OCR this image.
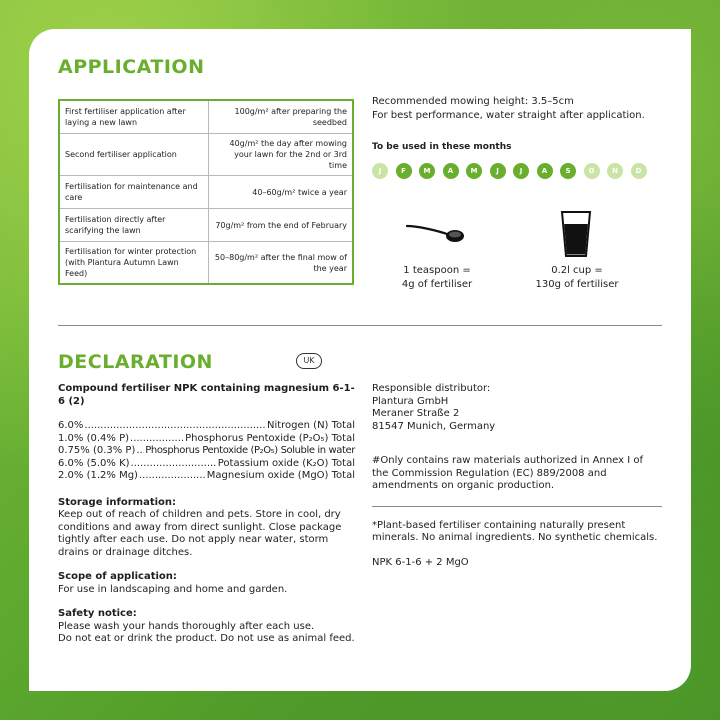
APPLICATION
First fertiliser application after laying a new lawn	100g/m² after preparing the seedbed
Second fertiliser application	40g/m² the day after mowing your lawn for the 2nd or 3rd time
Fertilisation for maintenance and care	40–60g/m² twice a year
Fertilisation directly after scarifying the lawn	70g/m² from the end of February
Fertilisation for winter protection (with Plantura Autumn Lawn Feed)	50–80g/m² after the final mow of the year
Recommended mowing height: 3.5–5cm
For best performance, water straight after application.
To be used in these months
J	F	M	A	M	J	J	A	S	O	N	D
1 teaspoon =
4g of fertiliser
0.2l cup =
130g of fertiliser
DECLARATION	UK
Compound fertiliser NPK containing magnesium 6-1-6 (2)
6.0% .....	Nitrogen (N) Total
1.0% (0.4% P) .....	Phosphorus Pentoxide (P₂O₅) Total
0.75% (0.3% P) ..... Phosphorus Pentoxide (P₂O₅) Soluble in water
6.0% (5.0% K) .....	Potassium oxide (K₂O) Total
2.0% (1.2% Mg) .....	Magnesium oxide (MgO) Total
Storage information:

Keep out of reach of children and pets. Store in cool, dry conditions and away from direct sunlight. Close package tightly after each use. Do not apply near water, storm drains or drainage ditches.

Scope of application:

For use in landscaping and home and garden.

Safety notice:

Please wash your hands thoroughly after each use.

Do not eat or drink the product. Do not use as animal feed.

Responsible distributor:
Plantura GmbH
Meraner Straße 2
81547 Munich, Germany

#Only contains raw materials authorized in Annex I of the Commission Regulation (EC) 889/2008 and amendments on organic production.

*Plant-based fertiliser containing naturally present minerals. No animal ingredients. No synthetic chemicals.

NPK 6-1-6 + 2 MgO
